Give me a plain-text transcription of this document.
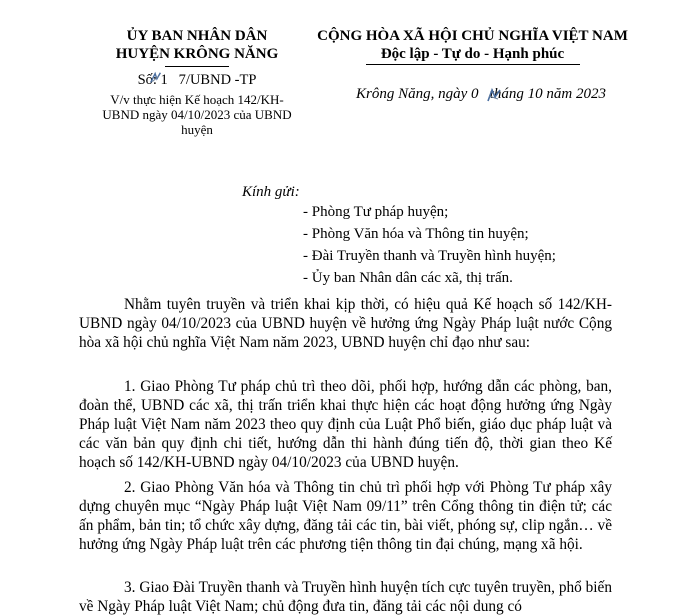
ỦY BAN NHÂN DÂN
HUYỆN KRÔNG NĂNG
Số: 1   7/UBND -TP
V/v thực hiện Kế hoạch 142/KH-UBND ngày 04/10/2023 của UBND huyện
CỘNG HÒA XÃ HỘI CHỦ NGHĨA VIỆT NAM
Độc lập - Tự do - Hạnh phúc
Krông Năng, ngày 0   tháng 10 năm 2023
Kính gửi:
- Phòng Tư pháp huyện;
- Phòng Văn hóa và Thông tin huyện;
- Đài Truyền thanh và Truyền hình huyện;
- Ủy ban Nhân dân các xã, thị trấn.
Nhằm tuyên truyền và triển khai kịp thời, có hiệu quả Kế hoạch số 142/KH-UBND ngày 04/10/2023 của UBND huyện về hưởng ứng Ngày Pháp luật nước Cộng hòa xã hội chủ nghĩa Việt Nam năm 2023, UBND huyện chỉ đạo như sau:
1. Giao Phòng Tư pháp chủ trì theo dõi, phối hợp, hướng dẫn các phòng, ban, đoàn thể, UBND các xã, thị trấn triển khai thực hiện các hoạt động hưởng ứng Ngày Pháp luật Việt Nam năm 2023 theo quy định của Luật Phổ biến, giáo dục pháp luật và các văn bản quy định chi tiết, hướng dẫn thi hành đúng tiến độ, thời gian theo Kế hoạch số 142/KH-UBND ngày 04/10/2023 của UBND huyện.
2. Giao Phòng Văn hóa và Thông tin chủ trì phối hợp với Phòng Tư pháp xây dựng chuyên mục “Ngày Pháp luật Việt Nam 09/11” trên Cổng thông tin điện tử; các ấn phẩm, bản tin; tổ chức xây dựng, đăng tải các tin, bài viết, phóng sự, clip ngắn… về hưởng ứng Ngày Pháp luật trên các phương tiện thông tin đại chúng, mạng xã hội.
3. Giao Đài Truyền thanh và Truyền hình huyện tích cực tuyên truyền, phổ biến về Ngày Pháp luật Việt Nam; chủ động đưa tin, đăng tải các nội dung có
